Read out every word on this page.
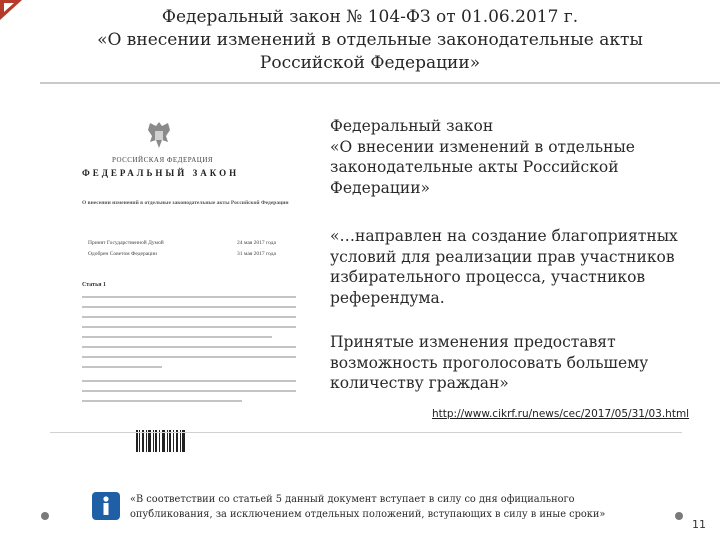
Федеральный закон № 104-ФЗ от 01.06.2017 г.
«О внесении изменений в отдельные законодательные акты
Российской Федерации»
РОССИЙСКАЯ ФЕДЕРАЦИЯ
ФЕДЕРАЛЬНЫЙ ЗАКОН
О внесении изменений в отдельные законодательные акты Российской Федерации
Принят Государственной Думой	24 мая 2017 года
Одобрен Советом Федерации	31 мая 2017 года
Статья 1
Федеральный закон
«О внесении изменений в отдельные
законодательные акты Российской
Федерации»
«…направлен на создание благоприятных
условий для реализации прав участников
избирательного процесса, участников
референдума.
Принятые изменения предоставят
возможность проголосовать большему
количеству граждан»
http://www.cikrf.ru/news/cec/2017/05/31/03.html
«В соответствии со статьей 5 данный документ вступает в силу со дня официального
опубликования, за исключением отдельных положений, вступающих в силу в иные сроки»
11
